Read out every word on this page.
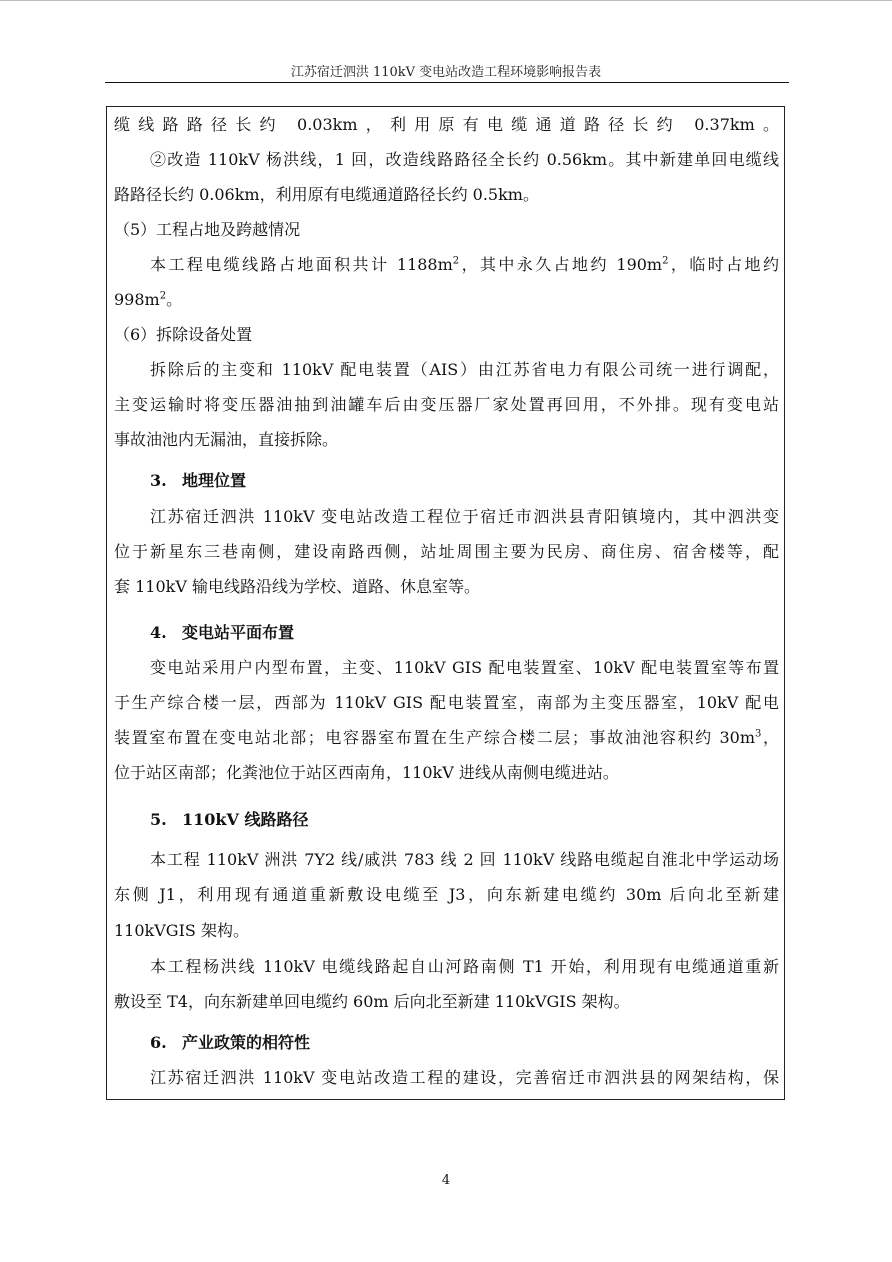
江苏宿迁泗洪 110kV 变电站改造工程环境影响报告表
缆线路路径长约 0.03km，利用原有电缆通道路径长约 0.37km。
②改造 110kV 杨洪线，1 回，改造线路路径全长约 0.56km。其中新建单回电缆线
路路径长约 0.06km，利用原有电缆通道路径长约 0.5km。
（5）工程占地及跨越情况
本工程电缆线路占地面积共计 $1188m^2$，其中永久占地约 $190m^2$，临时占地约
$998m^2$。
（6）拆除设备处置
拆除后的主变和 110kV 配电装置（AIS）由江苏省电力有限公司统一进行调配，
主变运输时将变压器油抽到油罐车后由变压器厂家处置再回用，不外排。现有变电站
事故油池内无漏油，直接拆除。
3. 地理位置
江苏宿迁泗洪 110kV 变电站改造工程位于宿迁市泗洪县青阳镇境内，其中泗洪变
位于新星东三巷南侧，建设南路西侧，站址周围主要为民房、商住房、宿舍楼等，配
套 110kV 输电线路沿线为学校、道路、休息室等。
4. 变电站平面布置
变电站采用户内型布置，主变、110kV GIS 配电装置室、10kV 配电装置室等布置
于生产综合楼一层，西部为 110kV GIS 配电装置室，南部为主变压器室，10kV 配电
装置室布置在变电站北部；电容器室布置在生产综合楼二层；事故油池容积约 $30m^3$，
位于站区南部；化粪池位于站区西南角，110kV 进线从南侧电缆进站。
5. 110kV 线路路径
本工程 110kV 洲洪 7Y2 线/戚洪 783 线 2 回 110kV 线路电缆起自淮北中学运动场
东侧 J1，利用现有通道重新敷设电缆至 J3，向东新建电缆约 30m 后向北至新建
110kVGIS 架构。
本工程杨洪线 110kV 电缆线路起自山河路南侧 T1 开始，利用现有电缆通道重新
敷设至 T4，向东新建单回电缆约 60m 后向北至新建 110kVGIS 架构。
6. 产业政策的相符性
江苏宿迁泗洪 110kV 变电站改造工程的建设，完善宿迁市泗洪县的网架结构，保
4
